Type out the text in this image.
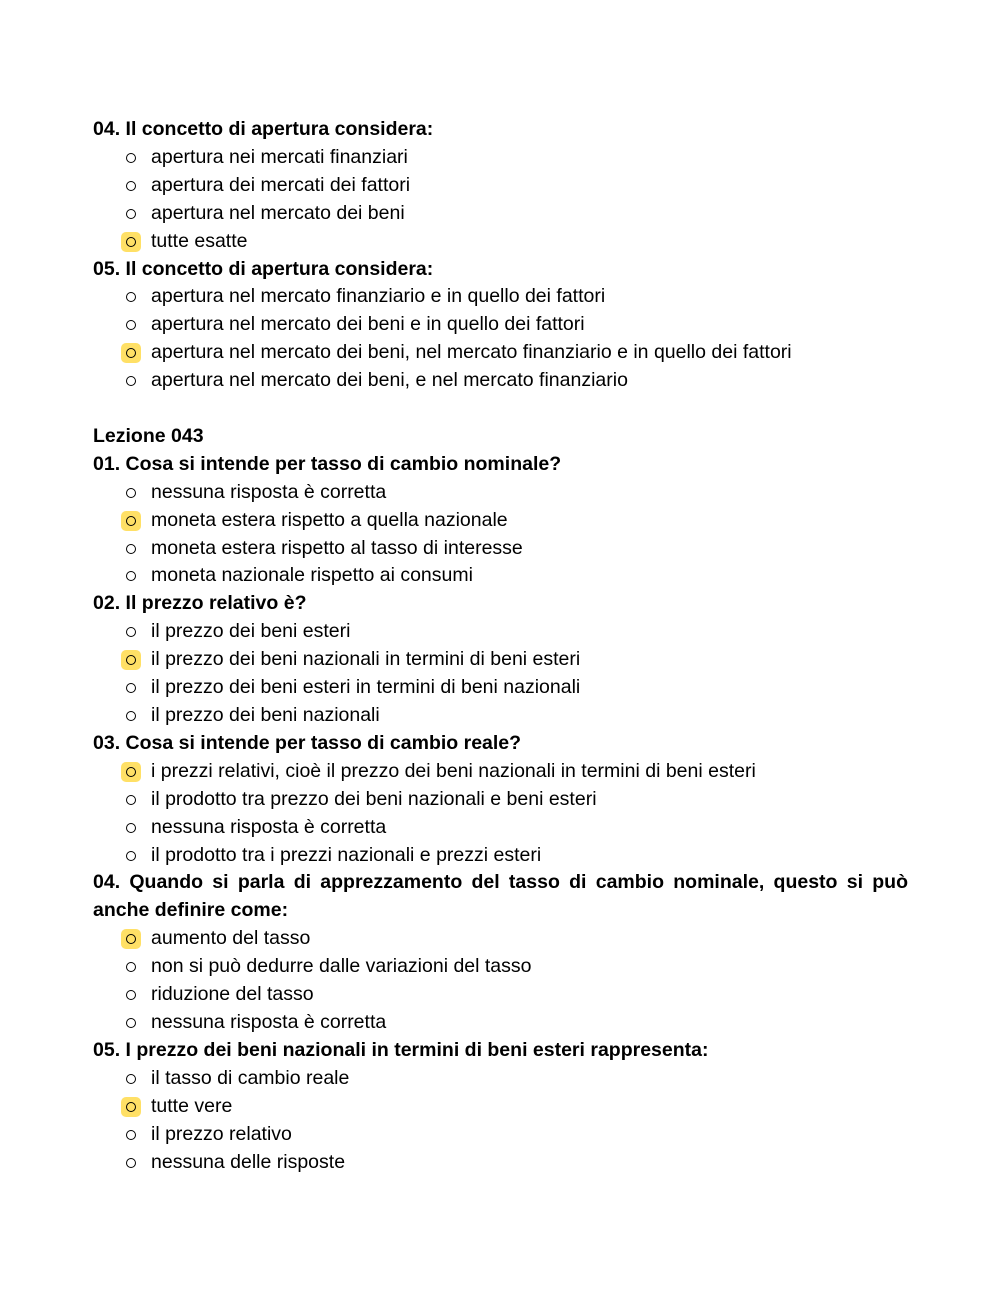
04. Il concetto di apertura considera:
apertura nei mercati finanziari
apertura dei mercati dei fattori
apertura nel mercato dei beni
tutte esatte
05. Il concetto di apertura considera:
apertura nel mercato finanziario e in quello dei fattori
apertura nel mercato dei beni e in quello dei fattori
apertura nel mercato dei beni, nel mercato finanziario e in quello dei fattori
apertura nel mercato dei beni, e nel mercato finanziario
Lezione 043
01. Cosa si intende per tasso di cambio nominale?
nessuna risposta è corretta
moneta estera rispetto a quella nazionale
moneta estera rispetto al tasso di interesse
moneta nazionale rispetto ai consumi
02. Il prezzo relativo è?
il prezzo dei beni esteri
il prezzo dei beni nazionali in termini di beni esteri
il prezzo dei beni esteri in termini di beni nazionali
il prezzo dei beni nazionali
03. Cosa si intende per tasso di cambio reale?
i prezzi relativi, cioè il prezzo dei beni nazionali in termini di beni esteri
il prodotto tra prezzo dei beni nazionali e beni esteri
nessuna risposta è corretta
il prodotto tra i prezzi nazionali e prezzi esteri
04. Quando si parla di apprezzamento del tasso di cambio nominale, questo si può anche definire come:
aumento del tasso
non si può dedurre dalle variazioni del tasso
riduzione del tasso
nessuna risposta è corretta
05. I prezzo dei beni nazionali in termini di beni esteri rappresenta:
il tasso di cambio reale
tutte vere
il prezzo relativo
nessuna delle risposte
